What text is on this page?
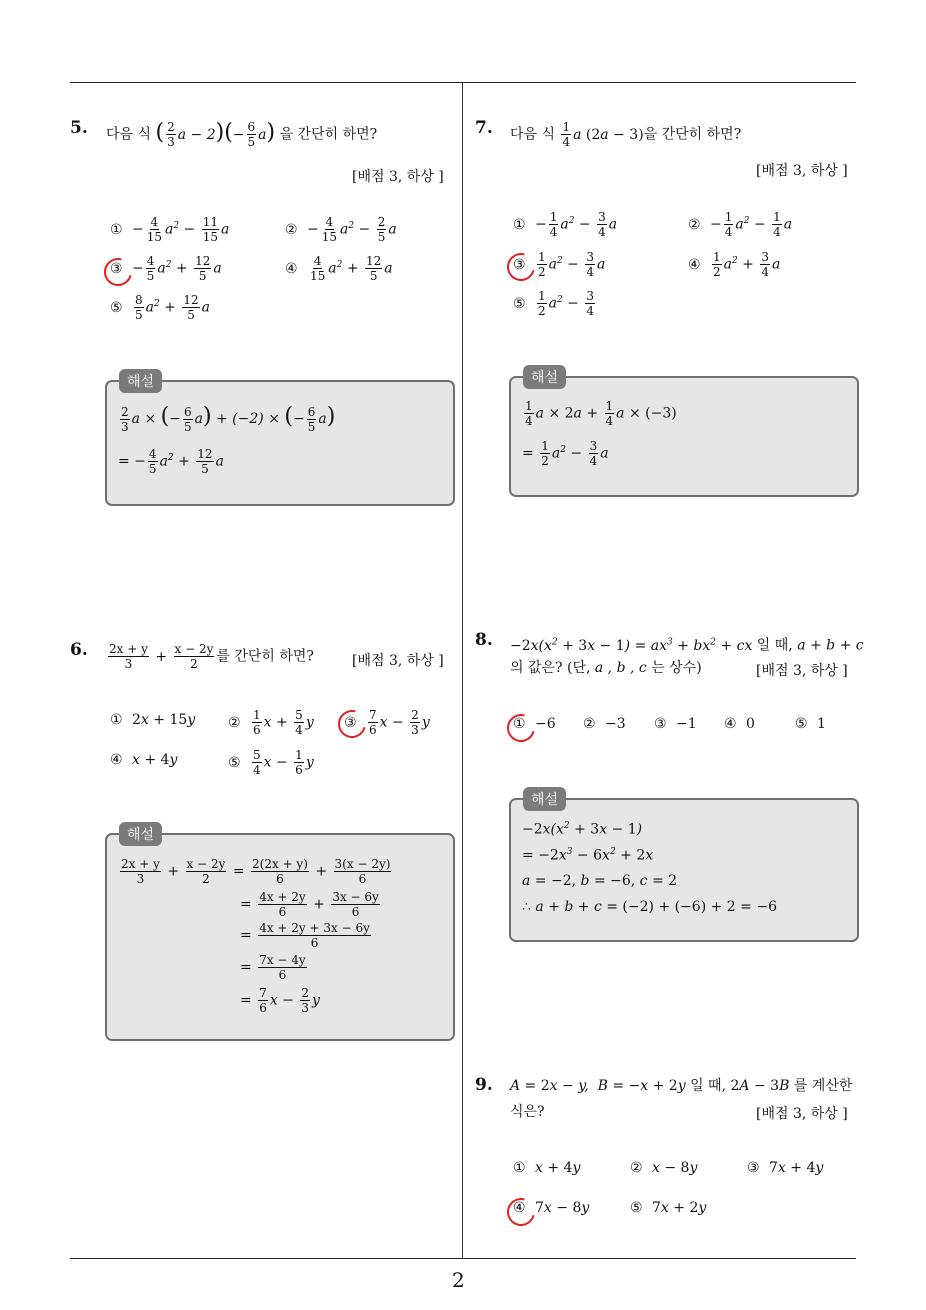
5. 다음 식 ( $\frac{2}{3}$ $a - 2)(- \frac{6}{5} a)$ 을 간단히 하면?
[배점 3, 하상 ]
① − $\frac{4}{15} a^2 - \frac{11}{15}$ a	② − $\frac{4}{15} a^2 - \frac{2}{5}$ a
③ − $\frac{4}{5} a^2 + \frac{12}{5}$ a	④ $\frac{4}{15} a^2 + \frac{12}{5}$ a
⑤ $\frac{8}{5} a^2 + \frac{12}{5}$ a
해설
$\frac{2}{3}$ a × (− $\frac{6}{5} a) + (-2)$ × (− $\frac{6}{5} a$)
= − $\frac{4}{5} a^2 + \frac{12}{5}$ a
6. $\frac{2x + y}{3} + \frac{x - 2y}{2}$ 를 간단히 하면?	[배점 3, 하상 ]
① 2x + 15y ② $\frac{1}{6}$ $x + \frac{5}{4}$ y ③ $\frac{7}{6}$ $x - \frac{2}{3}$ y
④ x + 4y	⑤ $\frac{5}{4}$ $x - \frac{1}{6}$ y
해설
$\frac{2x + y}{3} + \frac{x - 2y}{2} = \frac{2(2x + y)}{6} + \frac{3(x - 2y)}{6}$
= $\frac{4x + 2y}{6} + \frac{3x - 6y}{6}$
= $\frac{4x + 2y + 3x - 6y}{6}$
= $\frac{7x - 4y}{6}$
= $\frac{7}{6}$ $x - \frac{2}{3}$ y
7. 다음 식 $\frac{1}{4}$ a (2a − 3)을 간단히 하면?
[배점 3, 하상 ]
① − $\frac{1}{4} a^2 - \frac{3}{4}$ a	② − $\frac{1}{4} a^2 - \frac{1}{4}$ a
③ $\frac{1}{2} a^2 - \frac{3}{4}$ a	④ $\frac{1}{2} a^2 + \frac{3}{4}$ a
⑤ $\frac{1}{2} a^2 - \frac{3}{4}$
해설
$\frac{1}{4}$ $a \times 2a + \frac{1}{4}$ a × (−3)
= $\frac{1}{2} a^2 - \frac{3}{4}$ a
8. $-2x(x^2 + 3x - 1) = ax^3 + bx^2$ + cx 일 때, a + b + c
의 값은? (단, a , b , c 는 상수)	[배점 3, 하상 ]
① −6 ② −3 ③ −1 ④ 0	⑤ 1
해설
$-2x(x^2 + 3x - 1)$
= $-2x^3 - 6x^2 + 2x$
a = −2, b = −6, c = 2
∴ a + b + c = (−2) + (−6) + 2 = −6
9. A = 2x − y,  B = −x + 2y 일 때, 2A − 3B 를 계산한
식은?	[배점 3, 하상 ]
① x + 4y	② x − 8y	③ 7x + 4y
④ 7x − 8y	⑤ 7x + 2y
2
